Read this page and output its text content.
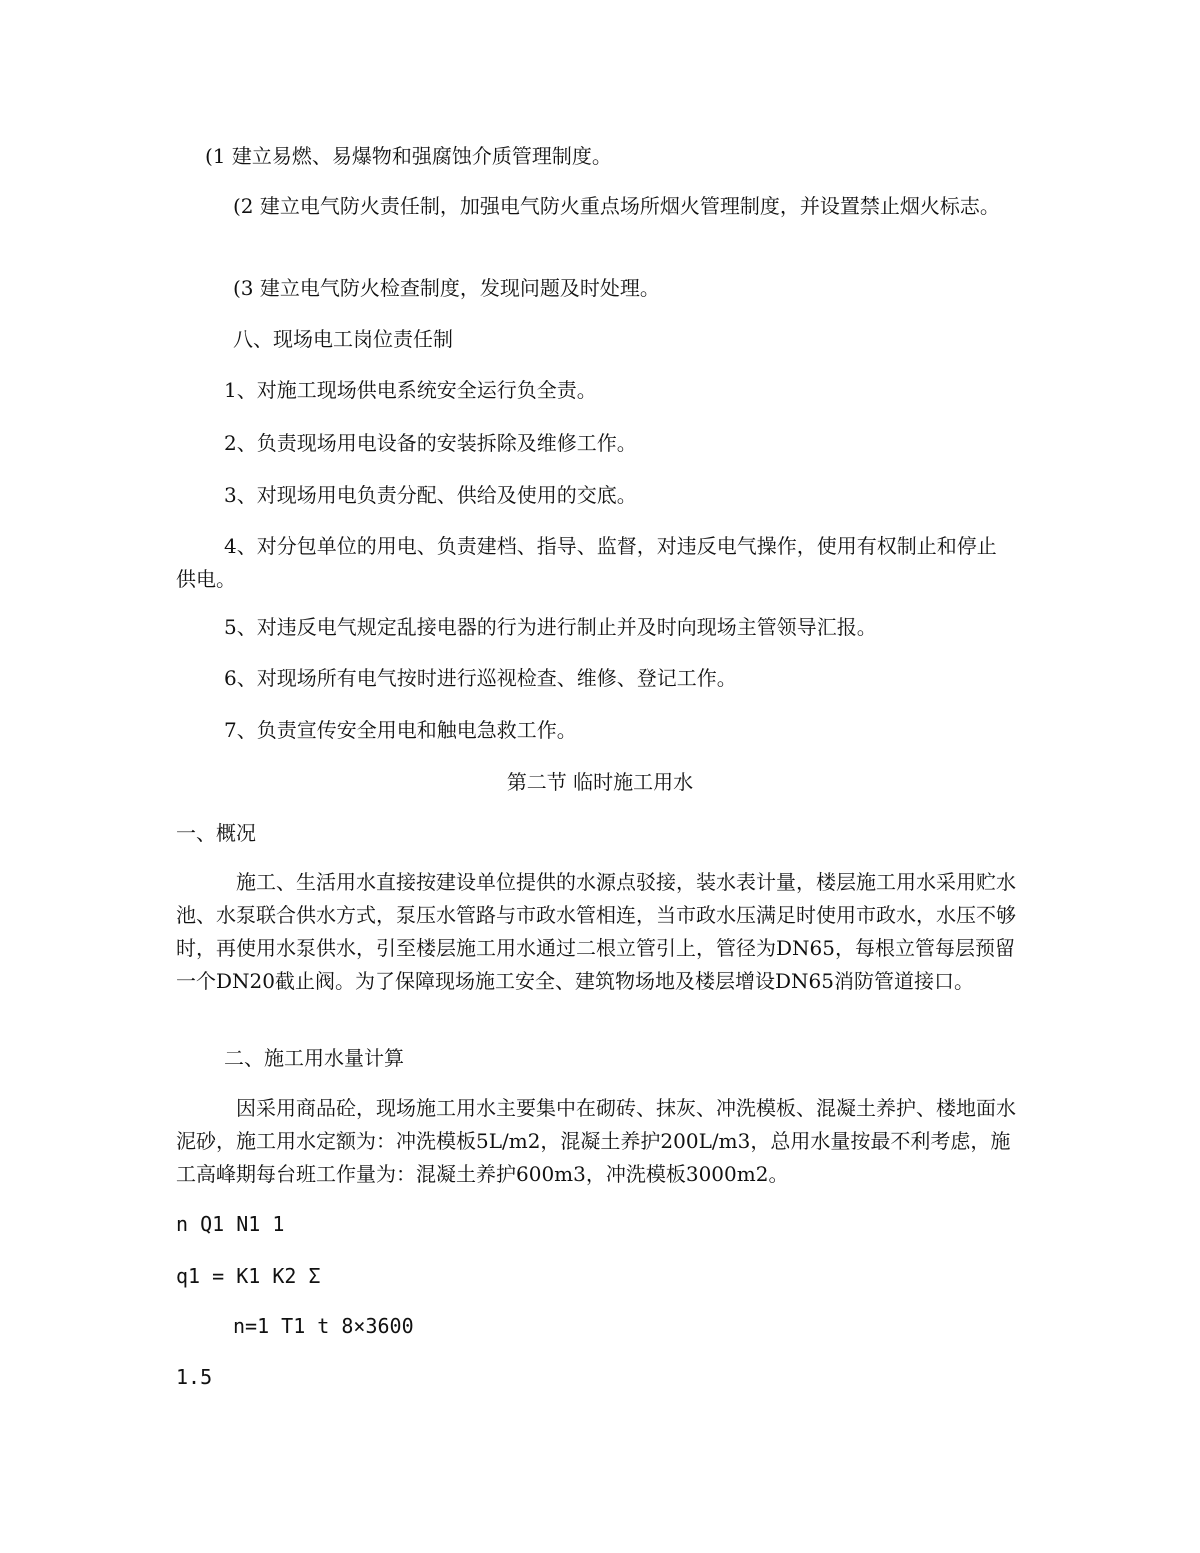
(1 建立易燃、易爆物和强腐蚀介质管理制度。
(2 建立电气防火责任制，加强电气防火重点场所烟火管理制度，并设置禁止烟火标志。
(3 建立电气防火检查制度，发现问题及时处理。
八、现场电工岗位责任制
1、对施工现场供电系统安全运行负全责。
2、负责现场用电设备的安装拆除及维修工作。
3、对现场用电负责分配、供给及使用的交底。
4、对分包单位的用电、负责建档、指导、监督，对违反电气操作，使用有权制止和停止供电。
5、对违反电气规定乱接电器的行为进行制止并及时向现场主管领导汇报。
6、对现场所有电气按时进行巡视检查、维修、登记工作。
7、负责宣传安全用电和触电急救工作。
第二节 临时施工用水
一、概况
施工、生活用水直接按建设单位提供的水源点驳接，装水表计量，楼层施工用水采用贮水池、水泵联合供水方式，泵压水管路与市政水管相连，当市政水压满足时使用市政水，水压不够时，再使用水泵供水，引至楼层施工用水通过二根立管引上，管径为DN65，每根立管每层预留一个DN20截止阀。为了保障现场施工安全、建筑物场地及楼层增设DN65消防管道接口。
二、施工用水量计算
因采用商品砼，现场施工用水主要集中在砌砖、抹灰、冲洗模板、混凝土养护、楼地面水泥砂，施工用水定额为：冲洗模板5L/m2，混凝土养护200L/m3，总用水量按最不利考虑，施工高峰期每台班工作量为：混凝土养护600m3，冲洗模板3000m2。
n Q1 N1 1
q1 = K1 K2 Σ
n=1 T1 t 8×3600
1.5
